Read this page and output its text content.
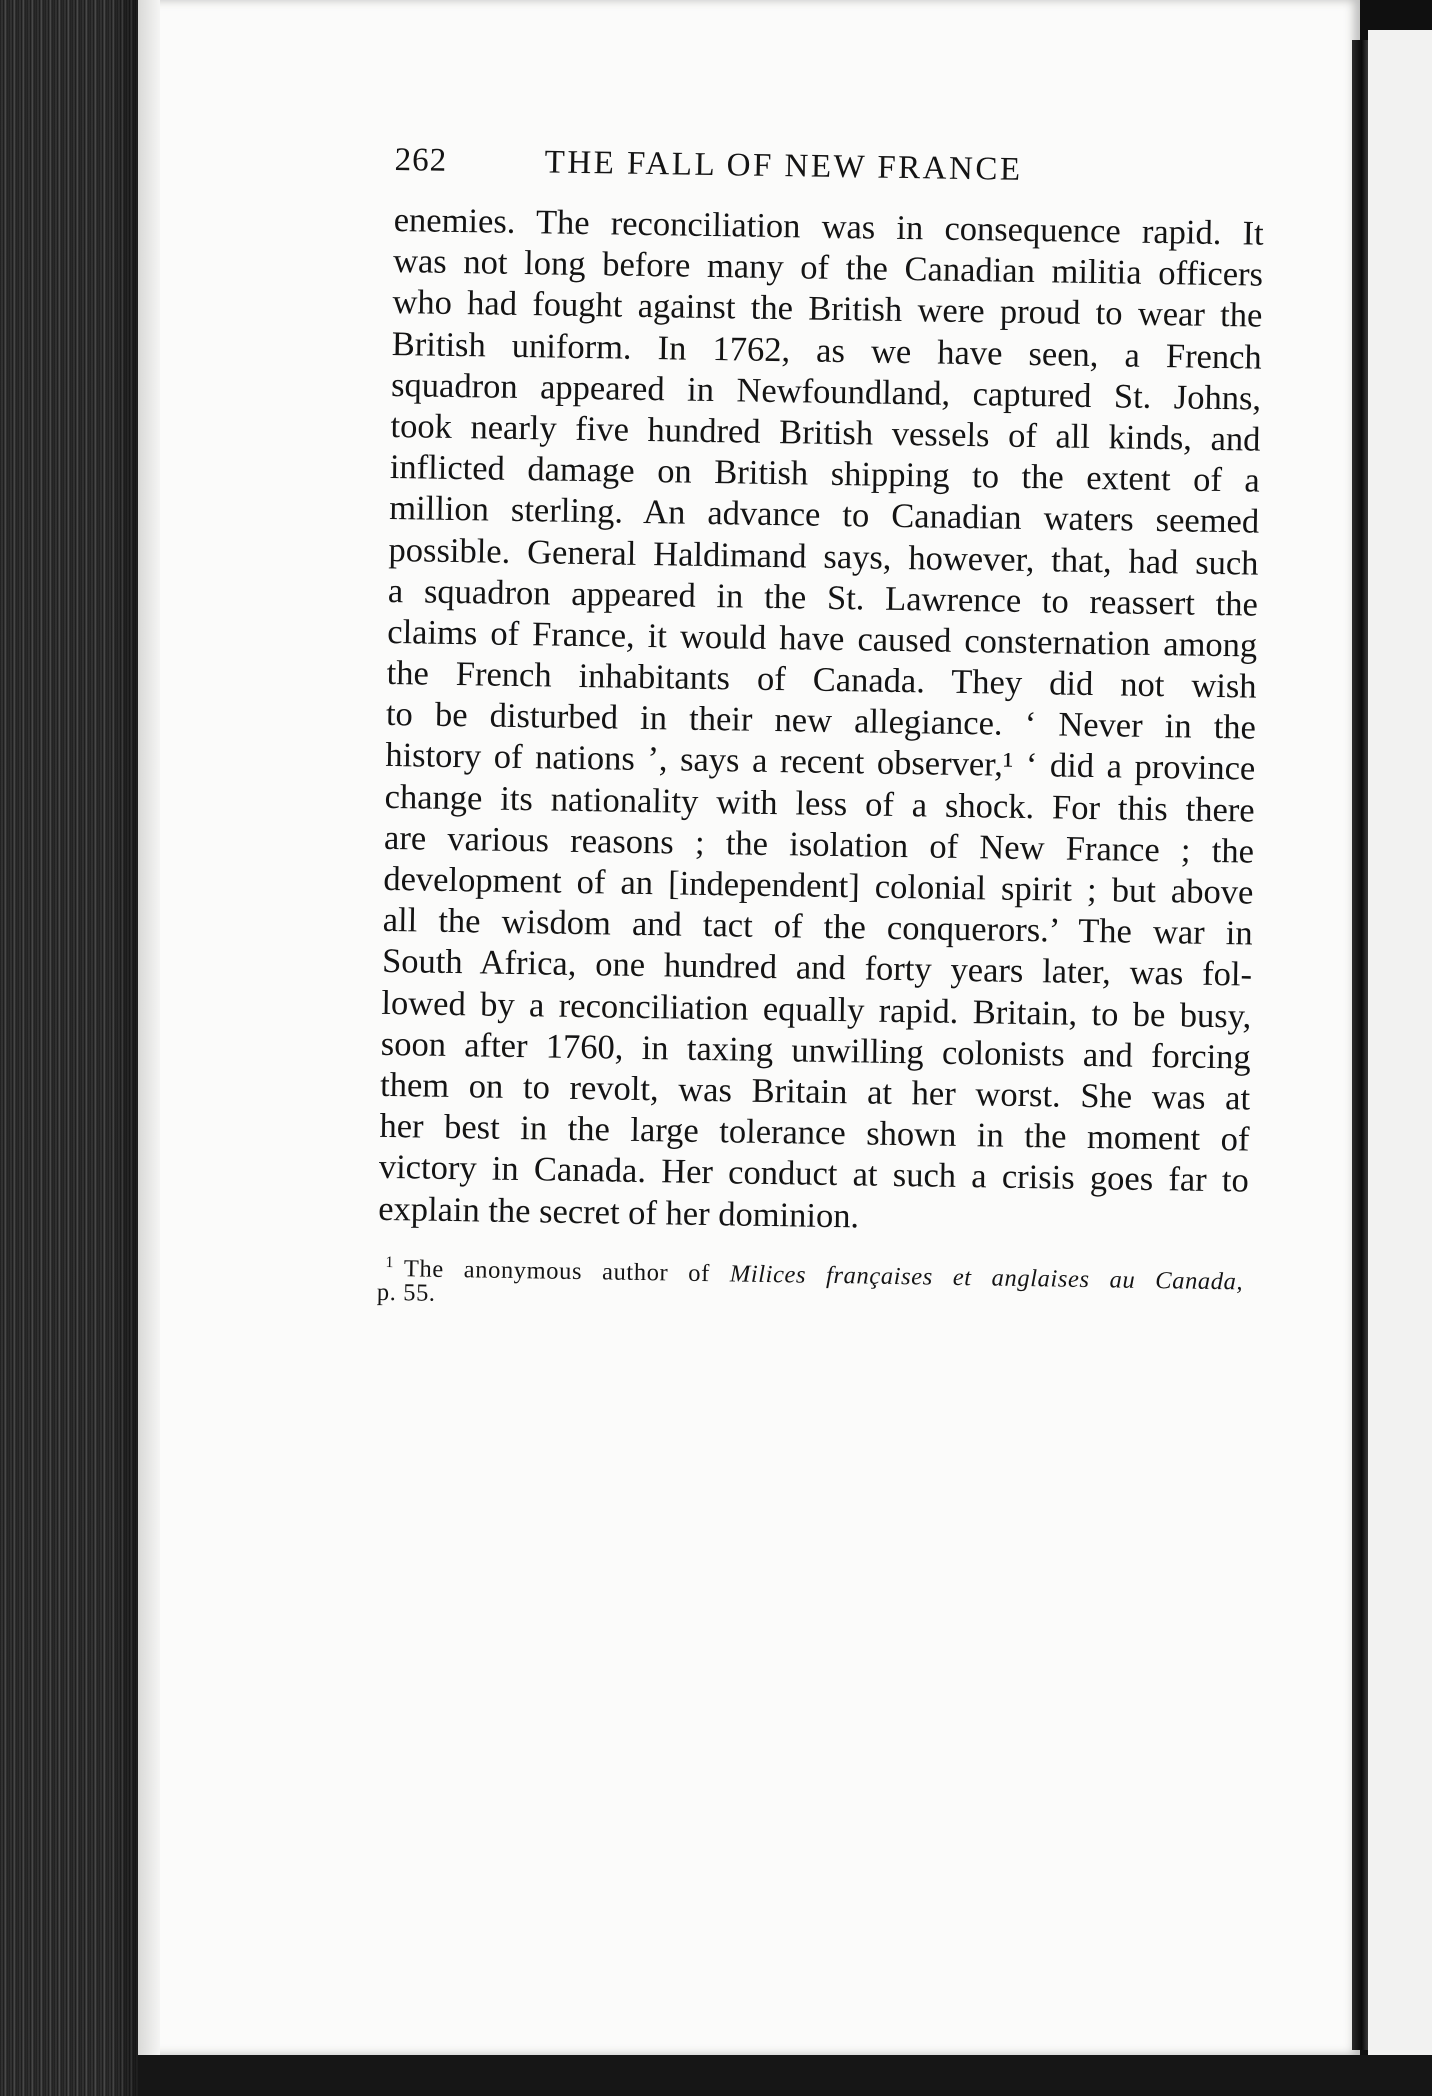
262	THE FALL OF NEW FRANCE
enemies. The reconciliation was in consequence rapid. It
was not long before many of the Canadian militia officers
who had fought against the British were proud to wear the
British uniform. In 1762, as we have seen, a French
squadron appeared in Newfoundland, captured St. Johns,
took nearly five hundred British vessels of all kinds, and
inflicted damage on British shipping to the extent of a
million sterling. An advance to Canadian waters seemed
possible. General Haldimand says, however, that, had such
a squadron appeared in the St. Lawrence to reassert the
claims of France, it would have caused consternation among
the French inhabitants of Canada. They did not wish
to be disturbed in their new allegiance. ‘ Never in the
history of nations ’, says a recent observer,¹ ‘ did a province
change its nationality with less of a shock. For this there
are various reasons ; the isolation of New France ; the
development of an [independent] colonial spirit ; but above
all the wisdom and tact of the conquerors.’ The war in
South Africa, one hundred and forty years later, was fol-
lowed by a reconciliation equally rapid. Britain, to be busy,
soon after 1760, in taxing unwilling colonists and forcing
them on to revolt, was Britain at her worst. She was at
her best in the large tolerance shown in the moment of
victory in Canada. Her conduct at such a crisis goes far to
explain the secret of her dominion.
$^1$ The anonymous author of Milices françaises et anglaises au Canada,
p. 55.
